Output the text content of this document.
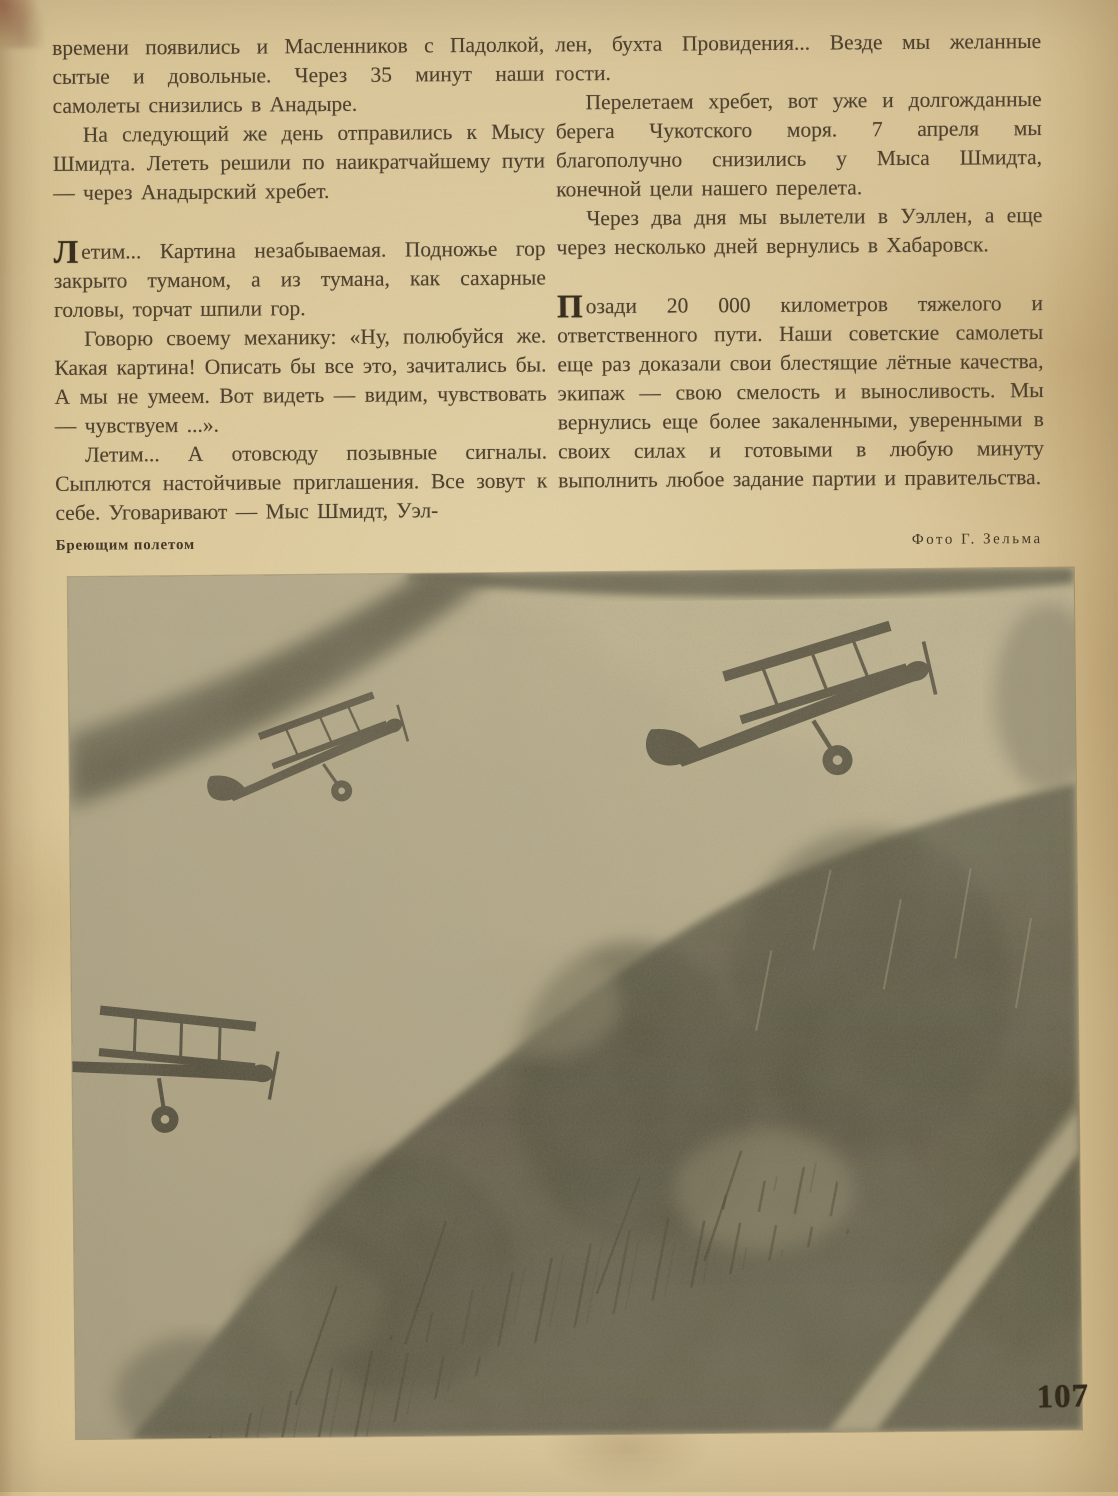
времени появились и Масленников с Падолкой, сытые и довольные. Через 35 минут наши самолеты снизились в Анадыре.

На следующий же день отправились к Мысу Шмидта. Лететь решили по наикратчайшему пути — через Анадырский хребет.

Летим... Картина незабываемая. Подножье гор закрыто туманом, а из тумана, как сахарные головы, торчат шпили гор.

Говорю своему механику: «Ну, полюбуйся же. Какая картина! Описать бы все это, зачитались бы. А мы не умеем. Вот видеть — видим, чувствовать — чувствуем ...».

Летим... А отовсюду позывные сигналы. Сыплются настойчивые приглашения. Все зовут к себе. Уговаривают — Мыс Шмидт, Уэл-

лен, бухта Провидения... Везде мы желанные гости.

Перелетаем хребет, вот уже и долгожданные берега Чукотского моря. 7 апреля мы благополучно снизились у Мыса Шмидта, конечной цели нашего перелета.

Через два дня мы вылетели в Уэллен, а еще через несколько дней вернулись в Хабаровск.

Позади 20 000 километров тяжелого и ответственного пути. Наши советские самолеты еще раз доказали свои блестящие лётные качества, экипаж — свою смелость и выносливость. Мы вернулись еще более закаленными, уверенными в своих силах и готовыми в любую минуту выполнить любое задание партии и правительства.

Бреющим полетом	Фото Г. Зельма
107
